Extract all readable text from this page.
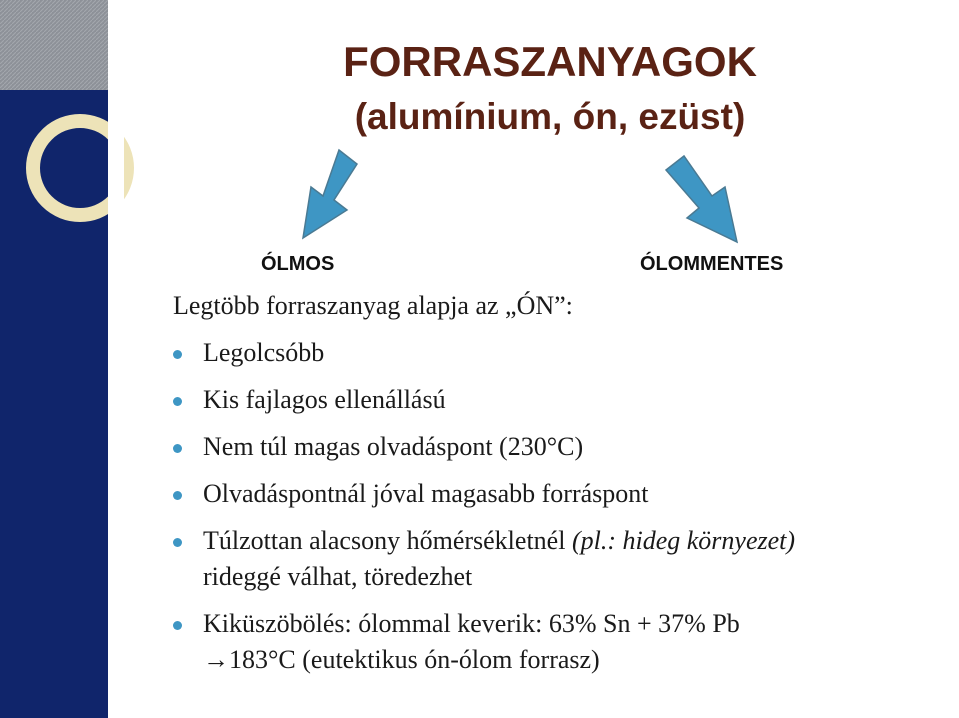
FORRASZANYAGOK
(alumínium, ón, ezüst)
ÓLMOS	ÓLOMMENTES
Legtöbb forraszanyag alapja az „ÓN”:
Legolcsóbb
Kis fajlagos ellenállású
Nem túl magas olvadáspont (230°C)
Olvadáspontnál jóval magasabb forráspont
Túlzottan alacsony hőmérsékletnél (pl.: hideg környezet)
rideggé válhat, töredezhet
Kiküszöbölés: ólommal keverik: 63% Sn + 37% Pb
→183°C (eutektikus ón-ólom forrasz)
